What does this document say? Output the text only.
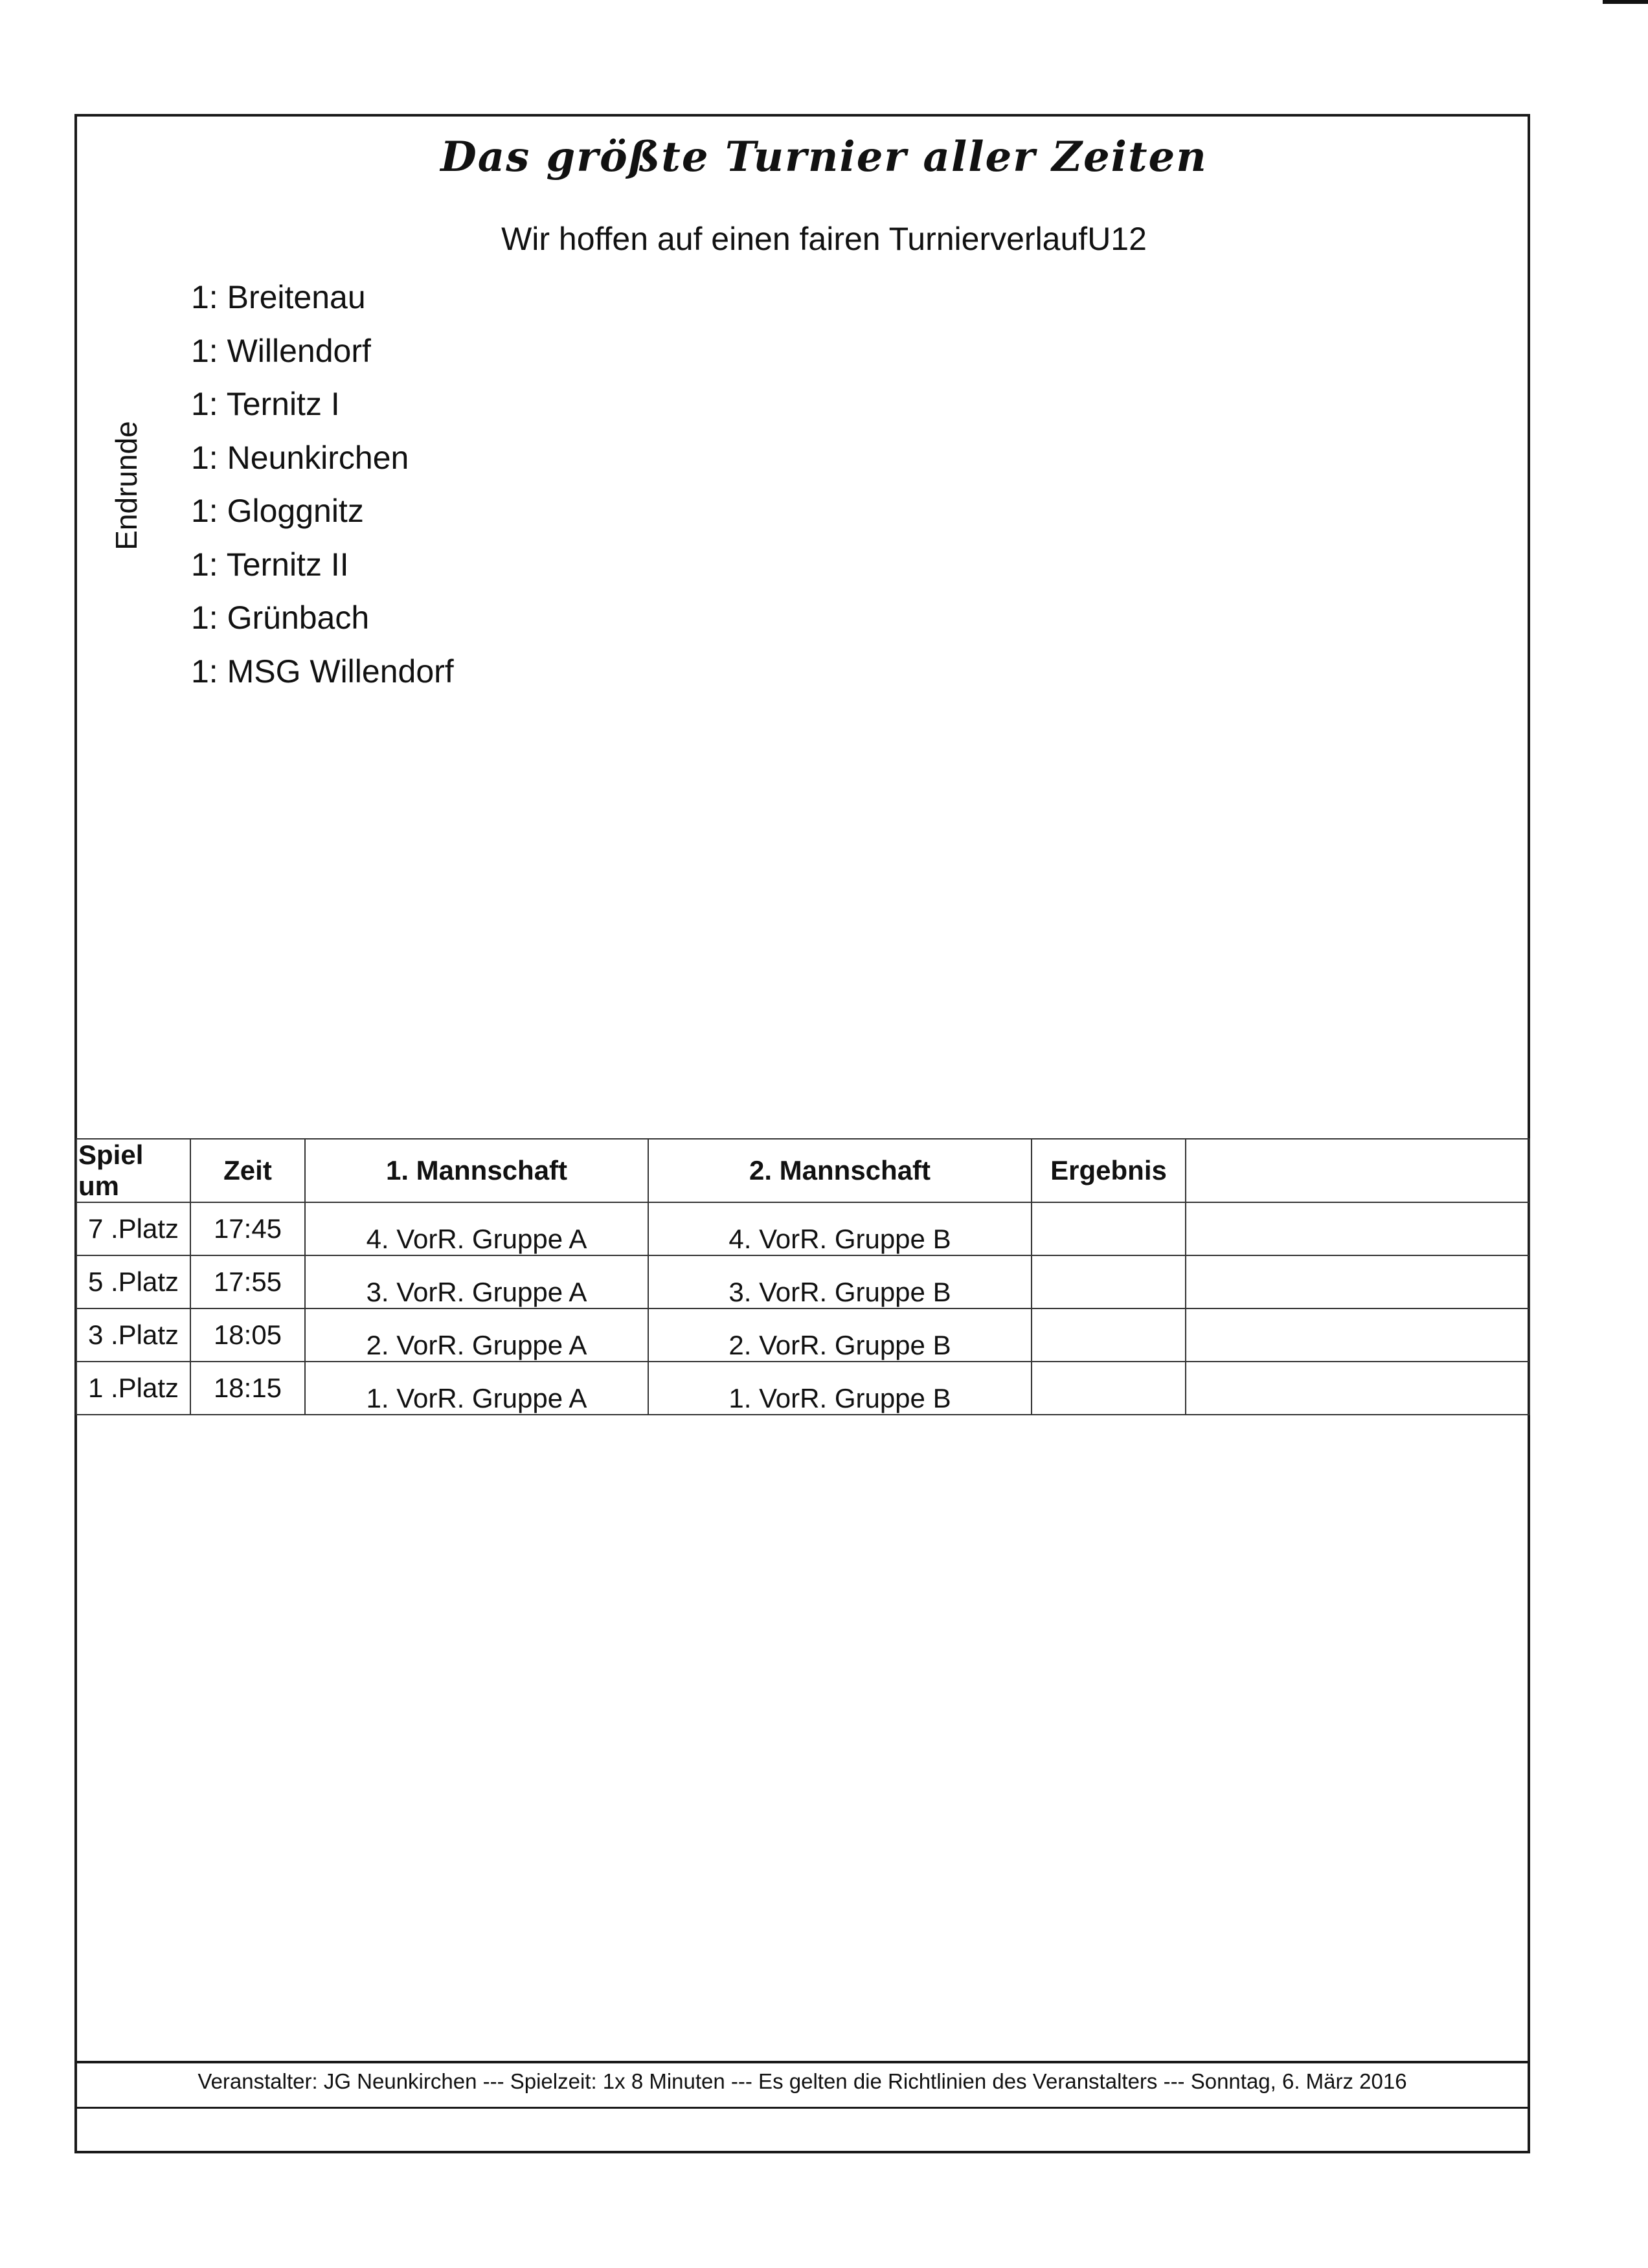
Das größte Turnier aller Zeiten
Wir hoffen auf einen fairen TurnierverlaufU12
Endrunde
1: Breitenau
1: Willendorf
1: Ternitz I
1: Neunkirchen
1: Gloggnitz
1: Ternitz II
1: Grünbach
1: MSG Willendorf
Spiel um	Zeit	1. Mannschaft	2. Mannschaft	Ergebnis	
7 .Platz	17:45	4. VorR. Gruppe A	4. VorR. Gruppe B		
5 .Platz	17:55	3. VorR. Gruppe A	3. VorR. Gruppe B		
3 .Platz	18:05	2. VorR. Gruppe A	2. VorR. Gruppe B		
1 .Platz	18:15	1. VorR. Gruppe A	1. VorR. Gruppe B		
Veranstalter: JG Neunkirchen --- Spielzeit: 1x 8 Minuten --- Es gelten die Richtlinien des Veranstalters --- Sonntag, 6. März 2016
